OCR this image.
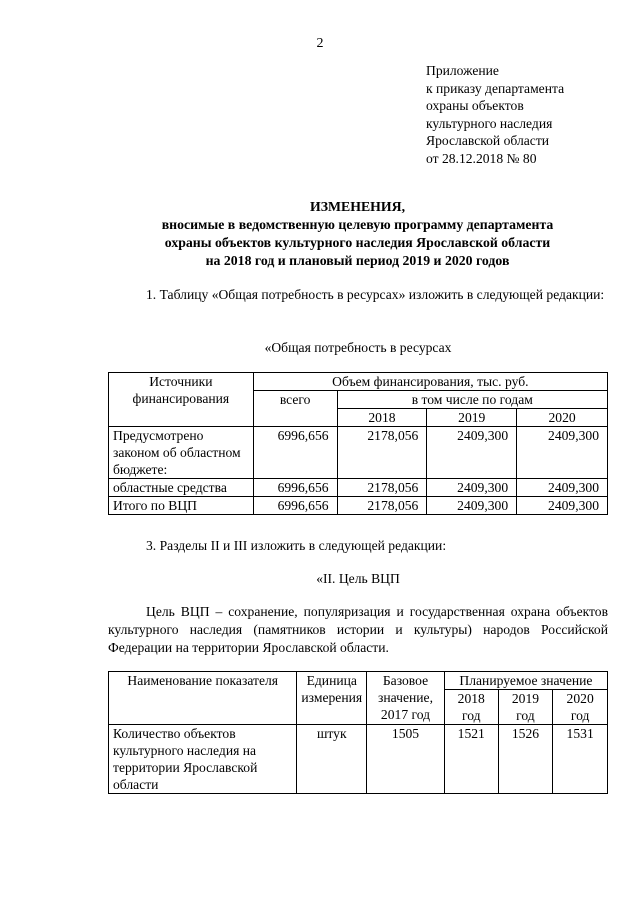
2
Приложение
к приказу департамента
охраны объектов
культурного наследия
Ярославской области
от 28.12.2018 № 80
ИЗМЕНЕНИЯ,
вносимые в ведомственную целевую программу департамента
охраны объектов культурного наследия Ярославской области
на 2018 год и плановый период 2019 и 2020 годов
1. Таблицу «Общая потребность в ресурсах» изложить в следующей редакции:
«Общая потребность в ресурсах
Источники финансирования	Объем финансирования, тыс. руб.			
	всего	в том числе по годам		
		2018	2019	2020
Предусмотрено законом об областном бюджете:	6996,656	2178,056	2409,300	2409,300
областные средства	6996,656	2178,056	2409,300	2409,300
Итого по ВЦП	6996,656	2178,056	2409,300	2409,300
3. Разделы II и III изложить в следующей редакции:
«II. Цель ВЦП
Цель ВЦП – сохранение, популяризация и государственная охрана объектов культурного наследия (памятников истории и культуры) народов Российской Федерации на территории Ярославской области.
Наименование показателя	Единица измерения	Базовое значение, 2017 год	Планируемое значение		
			2018 год	2019 год	2020 год
Количество объектов культурного наследия на территории Ярославской области	штук	1505	1521	1526	1531
